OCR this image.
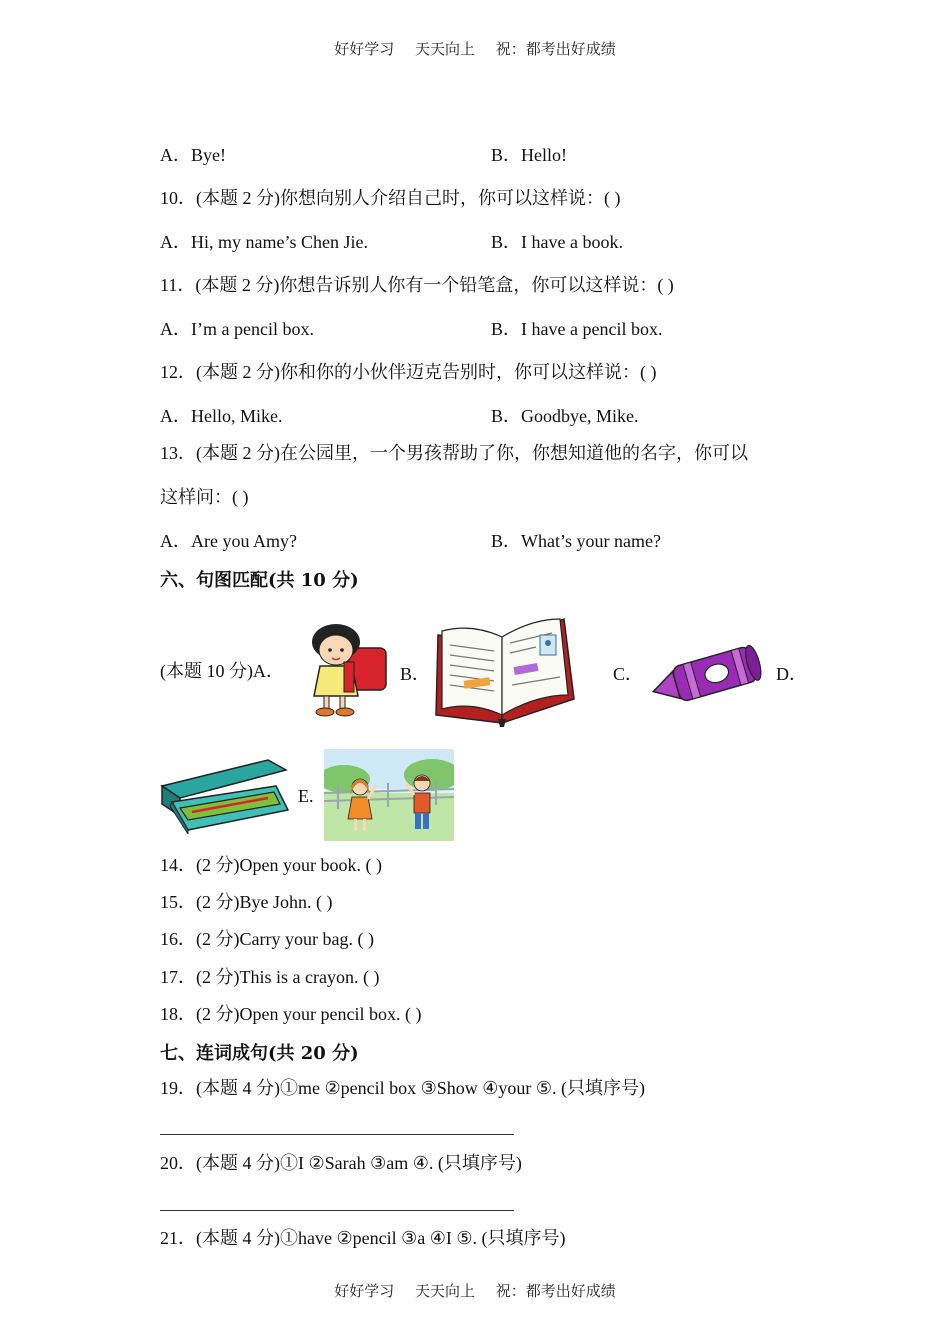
好好学习 天天向上 祝：都考出好成绩
A．Bye!	B．Hello!
10．(本题 2 分)你想向别人介绍自己时，你可以这样说：( )
A．Hi, my name’s Chen Jie.	B．I have a book.
11．(本题 2 分)你想告诉别人你有一个铅笔盒，你可以这样说：( )
A．I’m a pencil box.	B．I have a pencil box.
12．(本题 2 分)你和你的小伙伴迈克告别时，你可以这样说：( )
A．Hello, Mike.	B．Goodbye, Mike.
13．(本题 2 分)在公园里，一个男孩帮助了你，你想知道他的名字，你可以
这样问：( )
A．Are you Amy?	B．What’s your name?
六、句图匹配(共 10 分)
(本题 10 分)A．	B．	C．	D．
E.
14．(2 分)Open your book. ( )
15．(2 分)Bye John. ( )
16．(2 分)Carry your bag. ( )
17．(2 分)This is a crayon. ( )
18．(2 分)Open your pencil box. ( )
七、连词成句(共 20 分)
19．(本题 4 分)①me ②pencil box ③Show ④your ⑤. (只填序号)
20．(本题 4 分)①I ②Sarah ③am ④. (只填序号)
21．(本题 4 分)①have ②pencil ③a ④I ⑤. (只填序号)
好好学习 天天向上 祝：都考出好成绩
